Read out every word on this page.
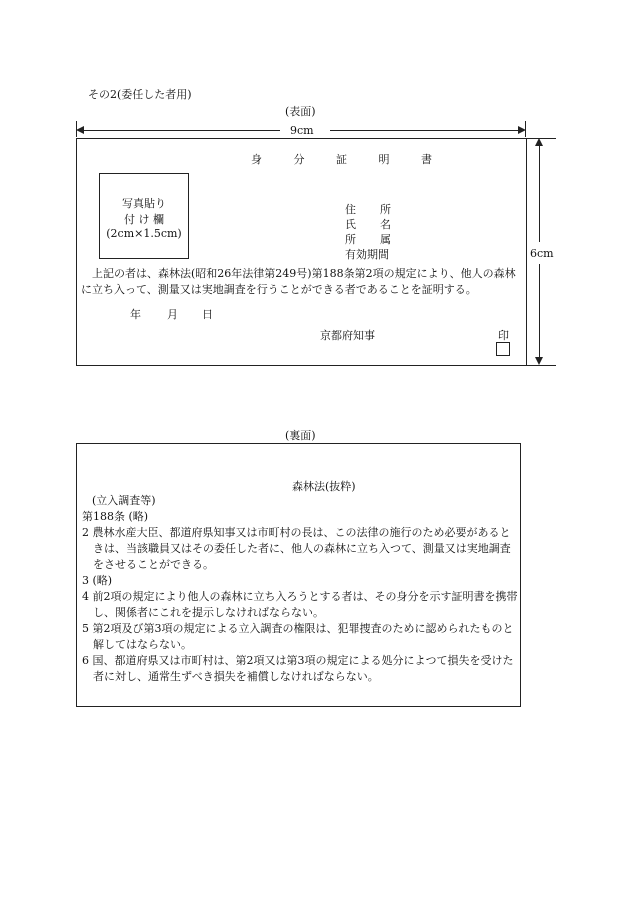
その2(委任した者用)
(表面)
9cm
6cm
身 分 証 明 書
写真貼り
付 け 欄
(2cm×1.5cm)
住 所
氏 名
所 属
有効期間
上記の者は、森林法(昭和26年法律第249号)第188条第2項の規定により、他人の森林に立ち入って、測量又は実地調査を行うことができる者であることを証明する。
年 月 日
京都府知事	印
(裏面)
森林法(抜粋)

(立入調査等)

第188条 (略)

2 農林水産大臣、都道府県知事又は市町村の長は、この法律の施行のため必要があるときは、当該職員又はその委任した者に、他人の森林に立ち入つて、測量又は実地調査をさせることができる。

3 (略)

4 前2項の規定により他人の森林に立ち入ろうとする者は、その身分を示す証明書を携帯し、関係者にこれを提示しなければならない。

5 第2項及び第3項の規定による立入調査の権限は、犯罪捜査のために認められたものと解してはならない。

6 国、都道府県又は市町村は、第2項又は第3項の規定による処分によつて損失を受けた者に対し、通常生ずべき損失を補償しなければならない。
